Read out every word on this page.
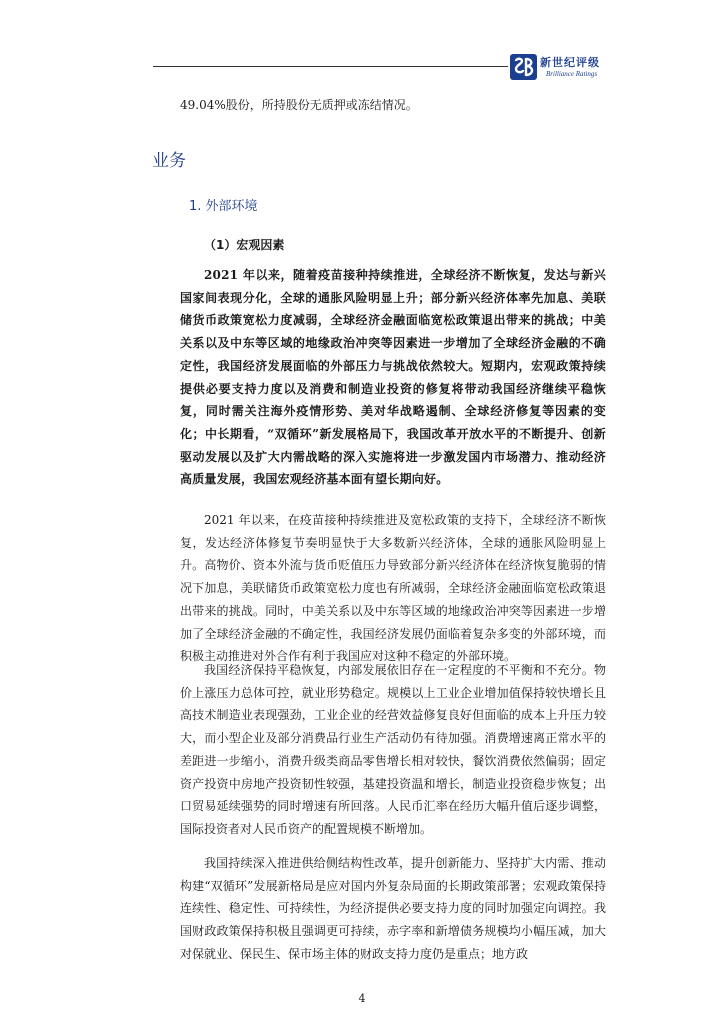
新世纪评级
Brilliance Ratings
49.04%股份，所持股份无质押或冻结情况。
业务
1. 外部环境
（1）宏观因素

2021 年以来，随着疫苗接种持续推进，全球经济不断恢复，发达与新兴国家间表现分化，全球的通胀风险明显上升；部分新兴经济体率先加息、美联储货币政策宽松力度减弱，全球经济金融面临宽松政策退出带来的挑战；中美关系以及中东等区域的地缘政治冲突等因素进一步增加了全球经济金融的不确定性，我国经济发展面临的外部压力与挑战依然较大。短期内，宏观政策持续提供必要支持力度以及消费和制造业投资的修复将带动我国经济继续平稳恢复，同时需关注海外疫情形势、美对华战略遏制、全球经济修复等因素的变化；中长期看，“双循环”新发展格局下，我国改革开放水平的不断提升、创新驱动发展以及扩大内需战略的深入实施将进一步激发国内市场潜力、推动经济高质量发展，我国宏观经济基本面有望长期向好。

2021 年以来，在疫苗接种持续推进及宽松政策的支持下，全球经济不断恢复，发达经济体修复节奏明显快于大多数新兴经济体，全球的通胀风险明显上升。高物价、资本外流与货币贬值压力导致部分新兴经济体在经济恢复脆弱的情况下加息，美联储货币政策宽松力度也有所减弱，全球经济金融面临宽松政策退出带来的挑战。同时，中美关系以及中东等区域的地缘政治冲突等因素进一步增加了全球经济金融的不确定性，我国经济发展仍面临着复杂多变的外部环境，而积极主动推进对外合作有利于我国应对这种不稳定的外部环境。

我国经济保持平稳恢复，内部发展依旧存在一定程度的不平衡和不充分。物价上涨压力总体可控，就业形势稳定。规模以上工业企业增加值保持较快增长且高技术制造业表现强劲，工业企业的经营效益修复良好但面临的成本上升压力较大，而小型企业及部分消费品行业生产活动仍有待加强。消费增速离正常水平的差距进一步缩小，消费升级类商品零售增长相对较快，餐饮消费依然偏弱；固定资产投资中房地产投资韧性较强，基建投资温和增长，制造业投资稳步恢复；出口贸易延续强势的同时增速有所回落。人民币汇率在经历大幅升值后逐步调整，国际投资者对人民币资产的配置规模不断增加。

我国持续深入推进供给侧结构性改革，提升创新能力、坚持扩大内需、推动构建“双循环”发展新格局是应对国内外复杂局面的长期政策部署；宏观政策保持连续性、稳定性、可持续性，为经济提供必要支持力度的同时加强定向调控。我国财政政策保持积极且强调更可持续，赤字率和新增债务规模均小幅压减，加大对保就业、保民生、保市场主体的财政支持力度仍是重点；地方政

4
